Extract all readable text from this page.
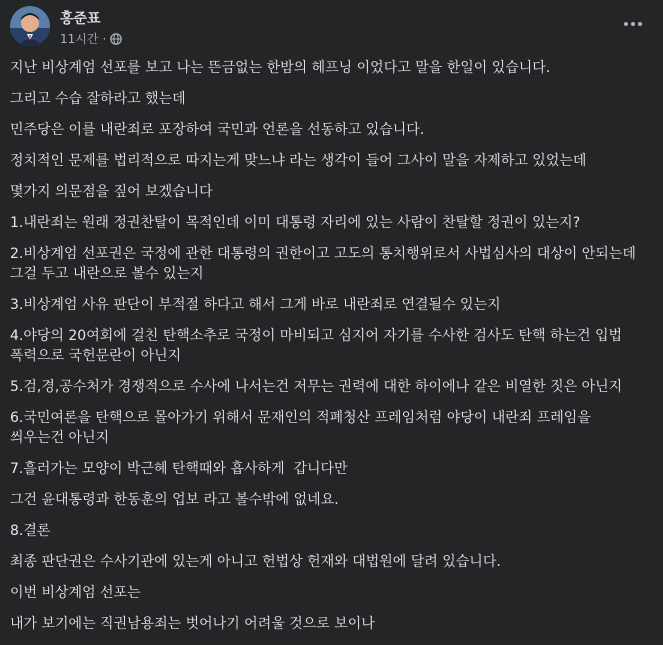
홍준표
11시간 ·

지난 비상계엄 선포를 보고 나는 뜬금없는 한밤의 헤프닝 이었다고 말을 한일이 있습니다.

그리고 수습 잘하라고 했는데

민주당은 이를 내란죄로 포장하여 국민과 언론을 선동하고 있습니다.

정치적인 문제를 법리적으로 따지는게 맞느냐 라는 생각이 들어 그사이 말을 자제하고 있었는데

몇가지 의문점을 짚어 보겠습니다

1.내란죄는 원래 정권찬탈이 목적인데 이미 대통령 자리에 있는 사람이 찬탈할 정권이 있는지?

2.비상계엄 선포권은 국정에 관한 대통령의 권한이고 고도의 통치행위로서 사법심사의 대상이 안되는데 그걸 두고 내란으로 볼수 있는지

3.비상계엄 사유 판단이 부적절 하다고 해서 그게 바로 내란죄로 연결될수 있는지

4.야당의 20여회에 걸친 탄핵소추로 국정이 마비되고 심지어 자기를 수사한 검사도 탄핵 하는건 입법 폭력으로 국헌문란이 아닌지

5.검,경,공수처가 경쟁적으로 수사에 나서는건 저무는 권력에 대한 하이에나 같은 비열한 짓은 아닌지

6.국민여론을 탄핵으로 몰아가기 위해서 문재인의 적폐청산 프레임처럼 야당이 내란죄 프레임을 씌우는건 아닌지

7.흘러가는 모양이 박근혜 탄핵때와 흡사하게  갑니다만

그건 윤대통령과 한동훈의 업보 라고 볼수밖에 없네요.

8.결론

최종 판단권은 수사기관에 있는게 아니고 헌법상 헌재와 대법원에 달려 있습니다.

이번 비상계엄 선포는

내가 보기에는 직권남용죄는 벗어나기 어려울 것으로 보이나
